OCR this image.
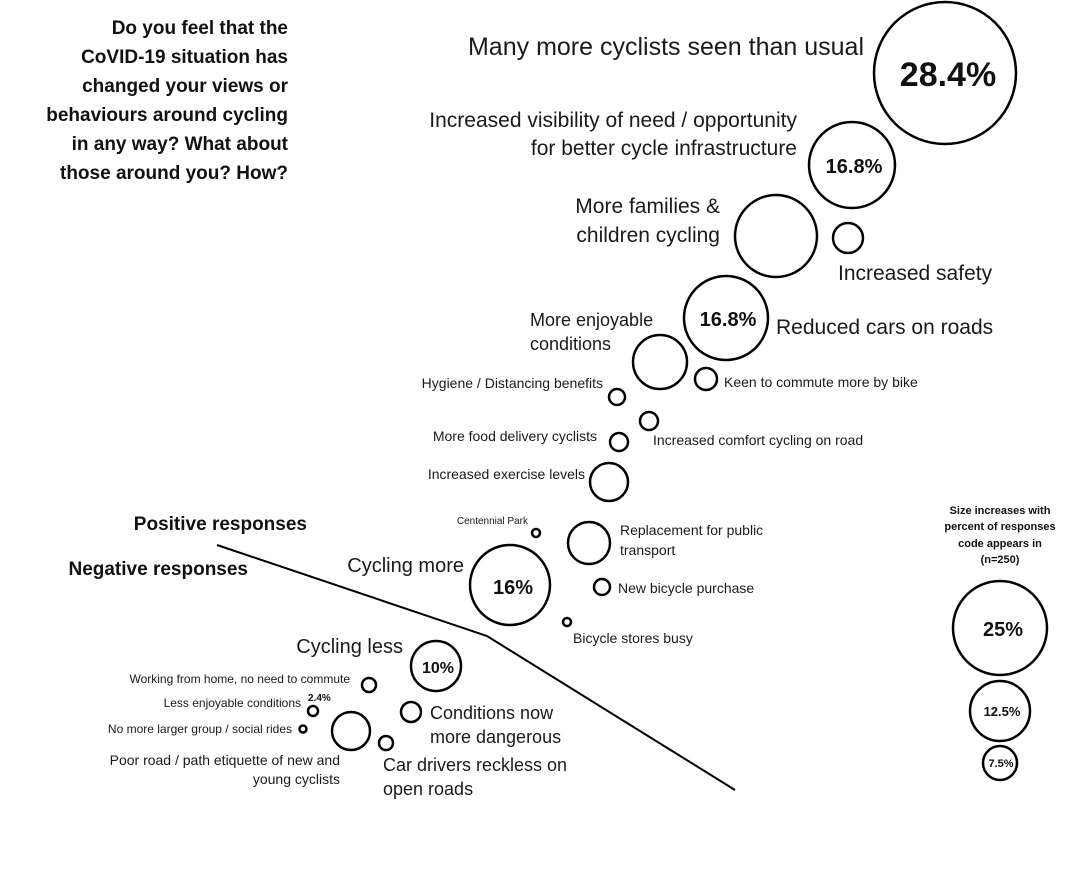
Do you feel that the
CoVID-19 situation has
changed your views or
behaviours around cycling
in any way? What about
those around you? How?
Positive responses
Negative responses
28.4%
Many more cyclists seen than usual
16.8%
Increased visibility of need / opportunity
for better cycle infrastructure
More families &
children cycling
Increased safety
16.8% Reduced cars on roads
More enjoyable
conditions
Keen to commute more by bike
Hygiene / Distancing benefits
Increased comfort cycling on road
More food delivery cyclists
Increased exercise levels
Centennial Park
Replacement for public
transport
16%
Cycling more
New bicycle purchase
Bicycle stores busy
10%
Cycling less
Working from home, no need to commute
Less enjoyable conditions 2.4%
No more larger group / social rides
Poor road / path etiquette of new and
young cyclists
Conditions now
more dangerous
Car drivers reckless on
open roads
Size increases with
percent of responses
code appears in
(n=250)
25%
12.5%
7.5%
